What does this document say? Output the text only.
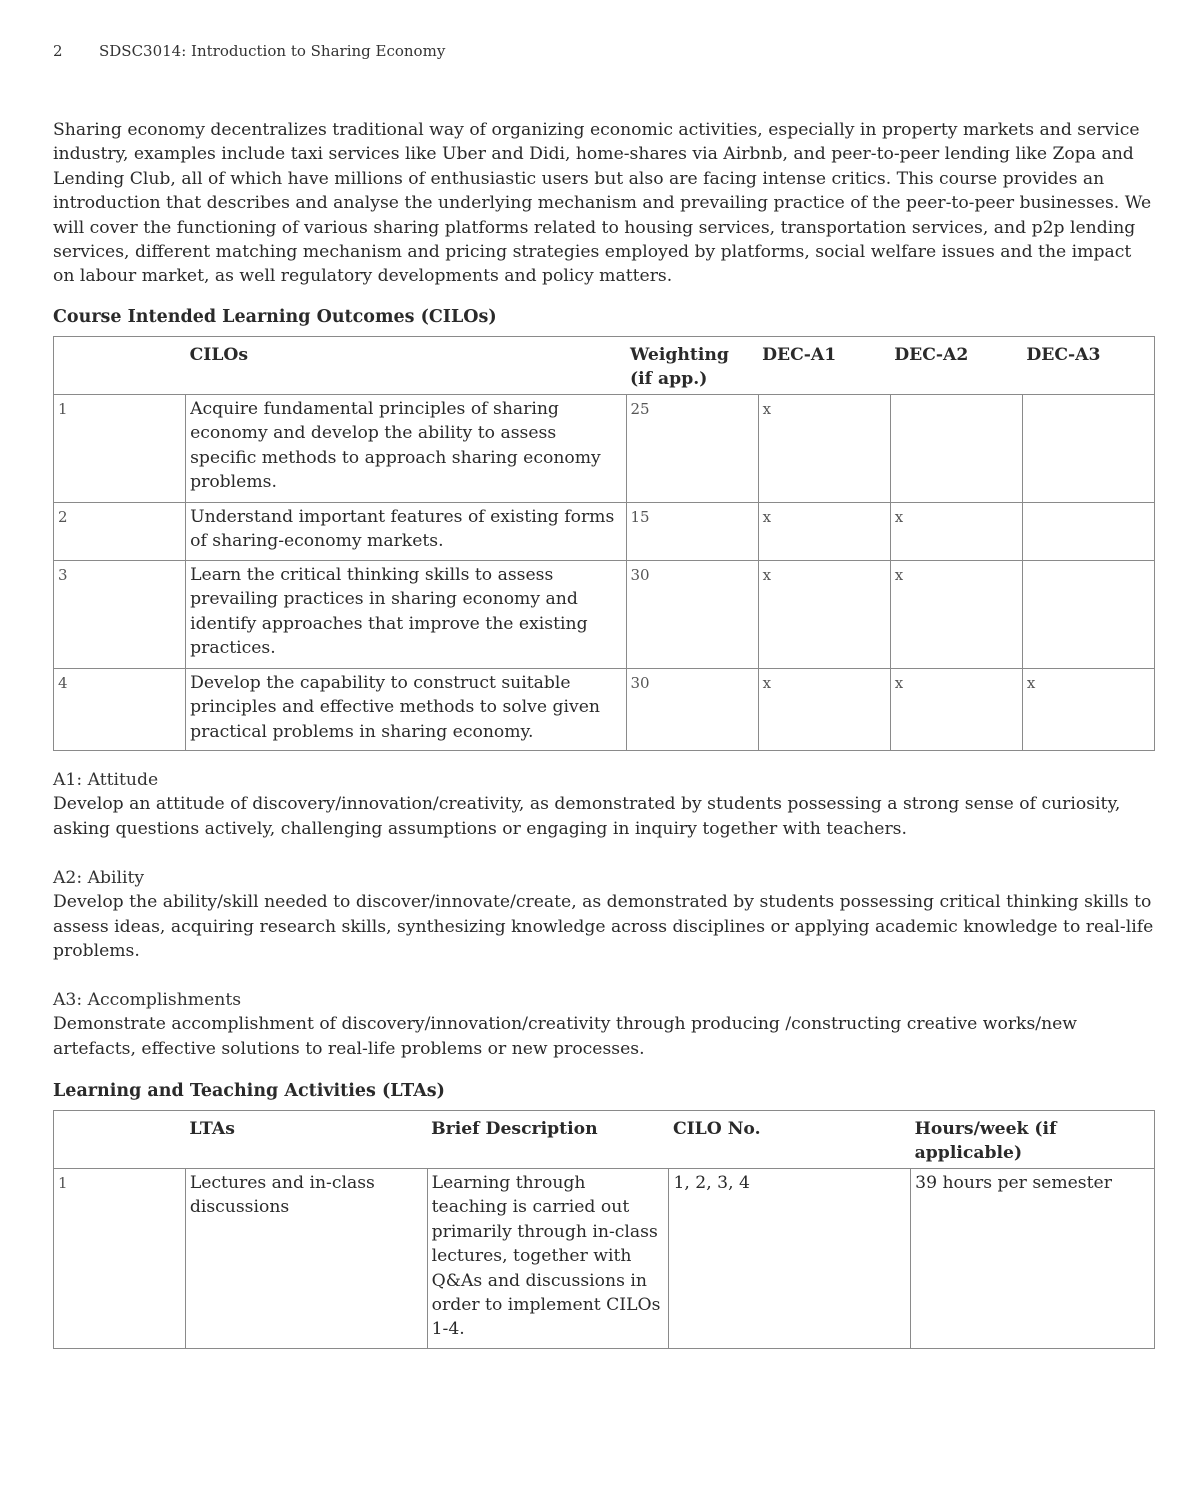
2 SDSC3014: Introduction to Sharing Economy

Sharing economy decentralizes traditional way of organizing economic activities, especially in property markets and service industry, examples include taxi services like Uber and Didi, home-shares via Airbnb, and peer-to-peer lending like Zopa and Lending Club, all of which have millions of enthusiastic users but also are facing intense critics. This course provides an introduction that describes and analyse the underlying mechanism and prevailing practice of the peer-to-peer businesses. We will cover the functioning of various sharing platforms related to housing services, transportation services, and p2p lending services, different matching mechanism and pricing strategies employed by platforms, social welfare issues and the impact on labour market, as well regulatory developments and policy matters.

Course Intended Learning Outcomes (CILOs)
	CILOs	Weighting (if app.)	DEC-A1	DEC-A2	DEC-A3
1	Acquire fundamental principles of sharing economy and develop the ability to assess specific methods to approach sharing economy problems.	25	x		
2	Understand important features of existing forms of sharing-economy markets.	15	x	x	
3	Learn the critical thinking skills to assess prevailing practices in sharing economy and identify approaches that improve the existing practices.	30	x	x	
4	Develop the capability to construct suitable principles and effective methods to solve given practical problems in sharing economy.	30	x	x	x
A1: Attitude
Develop an attitude of discovery/innovation/creativity, as demonstrated by students possessing a strong sense of curiosity, asking questions actively, challenging assumptions or engaging in inquiry together with teachers.
A2: Ability
Develop the ability/skill needed to discover/innovate/create, as demonstrated by students possessing critical thinking skills to assess ideas, acquiring research skills, synthesizing knowledge across disciplines or applying academic knowledge to real-life problems.
A3: Accomplishments
Demonstrate accomplishment of discovery/innovation/creativity through producing /constructing creative works/new artefacts, effective solutions to real-life problems or new processes.
Learning and Teaching Activities (LTAs)
	LTAs	Brief Description	CILO No.	Hours/week (if applicable)
1	Lectures and in-class discussions	Learning through teaching is carried out primarily through in-class lectures, together with Q&As and discussions in order to implement CILOs 1-4.	1, 2, 3, 4	39 hours per semester
